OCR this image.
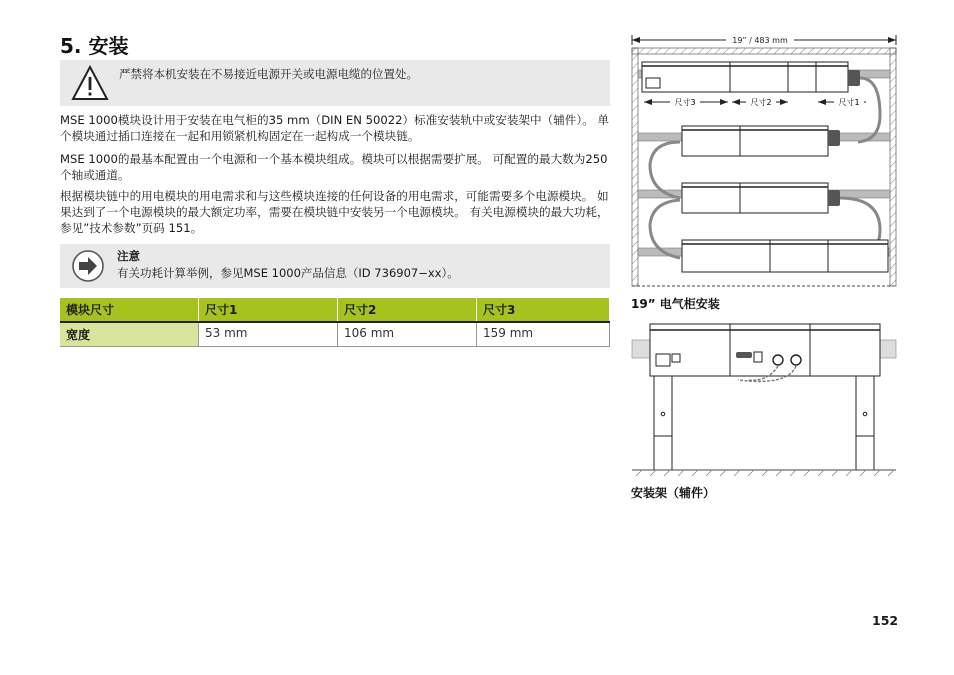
5. 安装
严禁将本机安装在不易接近电源开关或电源电缆的位置处。

MSE 1000模块设计用于安装在电气柜的35 mm（DIN EN 50022）标准安装轨中或安装架中（辅件）。 单个模块通过插口连接在一起和用锁紧机构固定在一起构成一个模块链。

MSE 1000的最基本配置由一个电源和一个基本模块组成。模块可以根据需要扩展。 可配置的最大数为250个轴或通道。

根据模块链中的用电模块的用电需求和与这些模块连接的任何设备的用电需求，可能需要多个电源模块。 如果达到了一个电源模块的最大额定功率，需要在模块链中安装另一个电源模块。 有关电源模块的最大功耗，参见”技术参数”页码 151。

注意
有关功耗计算举例，参见MSE 1000产品信息（ID 736907−xx）。
模块尺寸	尺寸1	尺寸2	尺寸3
宽度	53 mm	106 mm	159 mm
19” / 483 mm
尺寸3	尺寸2	尺寸1
19” 电气柜安装
安装架（辅件）
152
